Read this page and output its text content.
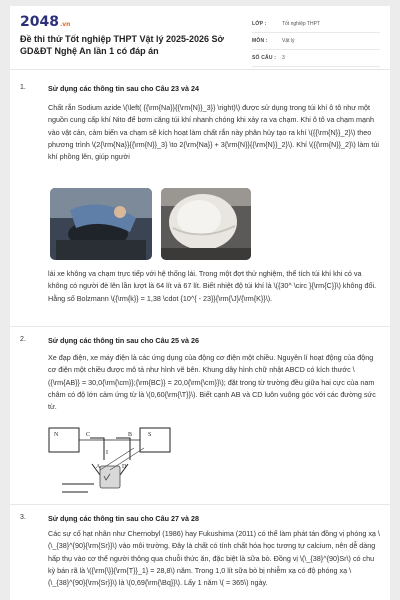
2048.vn
Đề thi thử Tốt nghiệp THPT Vật lý 2025-2026 Sở GD&ĐT Nghệ An lần 1 có đáp án
LỚP :	Tốt nghiệp THPT
MÔN :	Vật lý
SỐ CÂU :	3
1.	Sử dụng các thông tin sau cho Câu 23 và 24
Chất rắn Sodium azide \(\left( {{\rm{Na}}{{\rm{N}}_3}} \right)\) được sử dụng trong túi khí ô tô như một nguồn cung cấp khí Nito để bơm căng túi khí nhanh chóng khi xảy ra va chạm. Khi ô tô va chạm mạnh vào vật cản, cảm biến va chạm sẽ kích hoạt làm chất rắn này phân hủy tạo ra khí \({{\rm{N}}_2}\) theo phương trình \(2{\rm{Na}}{{\rm{N}}_3} \to 2{\rm{Na}} + 3{\rm{N}}{{\rm{N}}_2}\). Khí \({{\rm{N}}_2}\) làm túi khí phồng lên, giúp người
lái xe không va chạm trực tiếp với hệ thống lái. Trong một đợt thử nghiệm, thể tích túi khí khi có va không có người đè lên lần lượt là 64 lít và 67 lít. Biết nhiệt độ túi khí là \({30^ \circ }{\rm{C}}\) không đổi. Hằng số Bolzmann \({\rm{k}} = 1,38 \cdot {10^{ - 23}}{\rm{\J}/{\rm{K}}\).
2.	Sử dụng các thông tin sau cho Câu 25 và 26
Xe đạp điện, xe máy điện là các ứng dụng của động cơ điện một chiều. Nguyên lí hoạt động của động cơ điện một chiều được mô tả như hình vẽ bên. Khung dây hình chữ nhật ABCD có kích thước \({\rm{AB}} = 30,0{\rm{\cm}};{\rm{BC}} = 20,0{\rm{\cm}}\); đặt trong từ trường đều giữa hai cực của nam châm có độ lớn cảm ứng từ là \(0,60{\rm{\T}}\). Biết cạnh AB và CD luôn vuông góc với các đường sức từ.
N	C	B	S
A	D
I
3.	Sử dụng các thông tin sau cho Câu 27 và 28
Các sự cố hạt nhân như Chernobyl (1986) hay Fukushima (2011) có thể làm phát tán đồng vị phóng xạ \(\_{38}^{90}{\rm{Sr}}\) vào môi trường. Đây là chất có tính chất hóa học tương tự calcium, nên dễ dàng hấp thụ vào cơ thể người thông qua chuỗi thức ăn, đặc biệt là sữa bò. Đồng vị \(\_{38}^{90}Sr\) có chu kỳ bán rã là \({\rm{\}}{\rm{T}}_1} = 28,8\) năm. Trong 1,0 lít sữa bò bị nhiễm xạ có độ phóng xạ \(\_{38}^{90}{\rm{Sr}}\) là \(0,69{\rm{\Bq}}\). Lấy 1 năm \( = 365\) ngày.
